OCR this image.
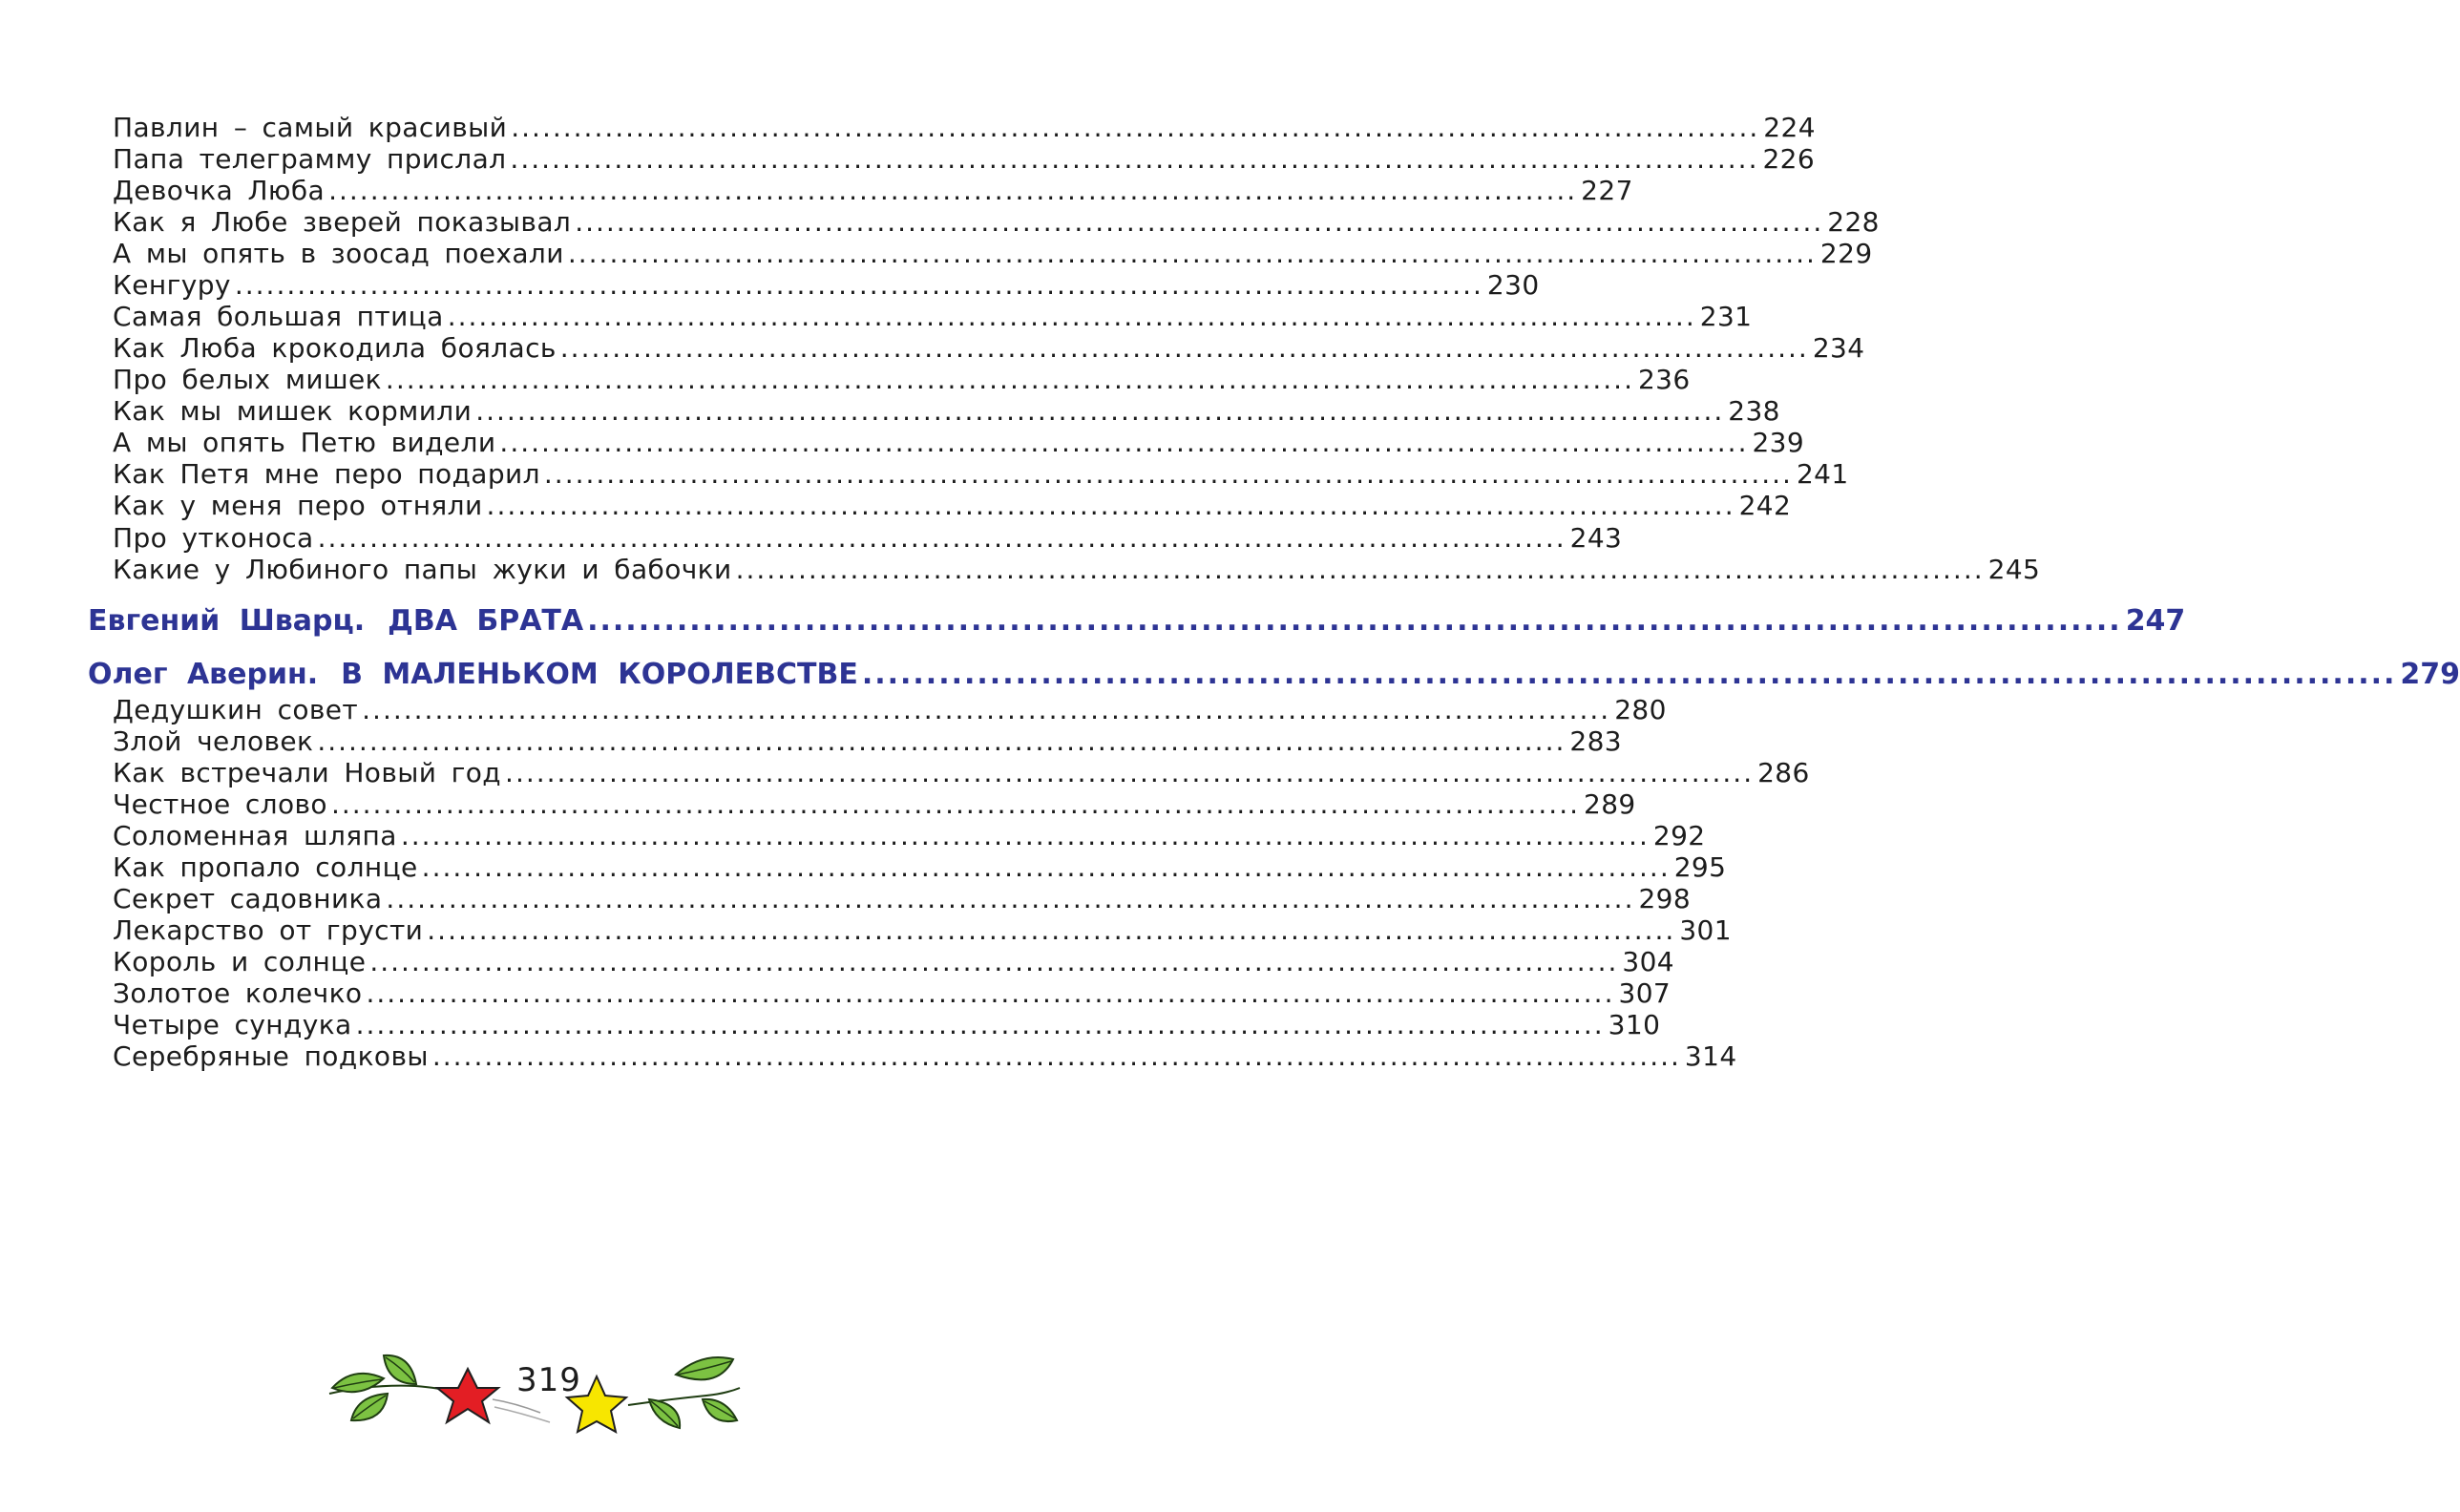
Павлин – самый красивый ........................................................................................................................ 224
Папа телеграмму прислал ........................................................................................................................ 226
Девочка Люба ........................................................................................................................ 227
Как я Любе зверей показывал ........................................................................................................................ 228
А мы опять в зоосад поехали ........................................................................................................................ 229
Кенгуру ........................................................................................................................ 230
Самая большая птица ........................................................................................................................ 231
Как Люба крокодила боялась ........................................................................................................................ 234
Про белых мишек ........................................................................................................................ 236
Как мы мишек кормили ........................................................................................................................ 238
А мы опять Петю видели ........................................................................................................................ 239
Как Петя мне перо подарил ........................................................................................................................ 241
Как у меня перо отняли ........................................................................................................................ 242
Про утконоса ........................................................................................................................ 243
Какие у Любиного папы жуки и бабочки ........................................................................................................................ 245
Евгений Шварц. ДВА БРАТА ........................................................................................................................ 247
Олег Аверин. В МАЛЕНЬКОМ КОРОЛЕВСТВЕ ........................................................................................................................ 279
Дедушкин совет ........................................................................................................................ 280
Злой человек ........................................................................................................................ 283
Как встречали Новый год ........................................................................................................................ 286
Честное слово ........................................................................................................................ 289
Соломенная шляпа ........................................................................................................................ 292
Как пропало солнце ........................................................................................................................ 295
Секрет садовника ........................................................................................................................ 298
Лекарство от грусти ........................................................................................................................ 301
Король и солнце ........................................................................................................................ 304
Золотое колечко ........................................................................................................................ 307
Четыре сундука ........................................................................................................................ 310
Серебряные подковы ........................................................................................................................ 314
319
